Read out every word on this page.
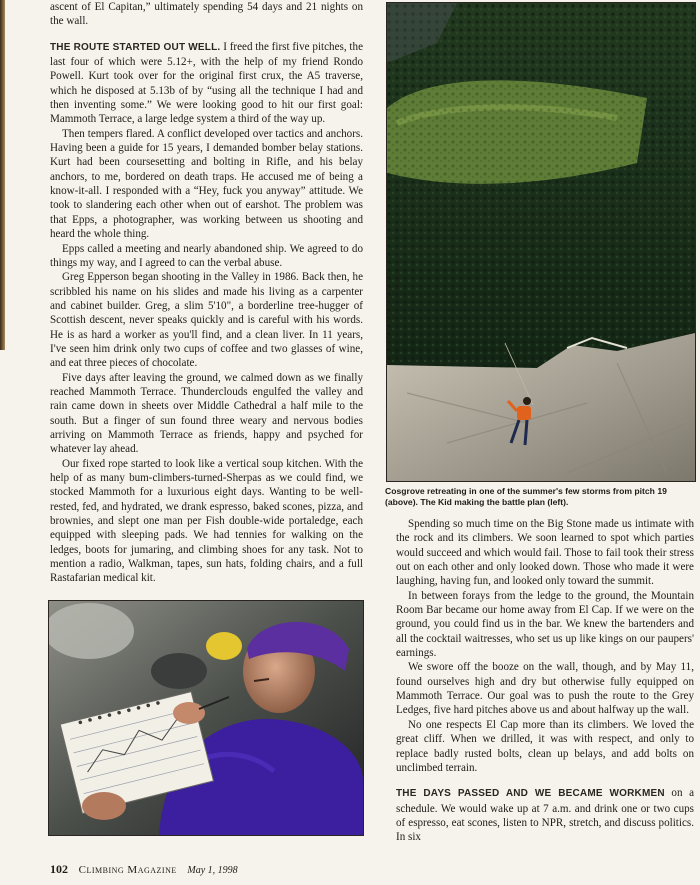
ascent of El Capitan,” ultimately spending 54 days and 21 nights on the wall.

THE ROUTE STARTED OUT WELL. I freed the first five pitches, the last four of which were 5.12+, with the help of my friend Rondo Powell. Kurt took over for the original first crux, the A5 traverse, which he disposed at 5.13b of by “using all the technique I had and then inventing some.” We were looking good to hit our first goal: Mammoth Terrace, a large ledge system a third of the way up.

Then tempers flared. A conflict developed over tactics and anchors. Having been a guide for 15 years, I demanded bomber belay stations. Kurt had been coursesetting and bolting in Rifle, and his belay anchors, to me, bordered on death traps. He accused me of being a know-it-all. I responded with a “Hey, fuck you anyway” attitude. We took to slandering each other when out of earshot. The problem was that Epps, a photographer, was working between us shooting and heard the whole thing.

Epps called a meeting and nearly abandoned ship. We agreed to do things my way, and I agreed to can the verbal abuse.

Greg Epperson began shooting in the Valley in 1986. Back then, he scribbled his name on his slides and made his living as a carpenter and cabinet builder. Greg, a slim 5'10", a borderline tree-hugger of Scottish descent, never speaks quickly and is careful with his words. He is as hard a worker as you'll find, and a clean liver. In 11 years, I've seen him drink only two cups of coffee and two glasses of wine, and eat three pieces of chocolate.

Five days after leaving the ground, we calmed down as we finally reached Mammoth Terrace. Thunderclouds engulfed the valley and rain came down in sheets over Middle Cathedral a half mile to the south. But a finger of sun found three weary and nervous bodies arriving on Mammoth Terrace as friends, happy and psyched for whatever lay ahead.

Our fixed rope started to look like a vertical soup kitchen. With the help of as many bum-climbers-turned-Sherpas as we could find, we stocked Mammoth for a luxurious eight days. Wanting to be well-rested, fed, and hydrated, we drank espresso, baked scones, pizza, and brownies, and slept one man per Fish double-wide portaledge, each equipped with sleeping pads. We had tennies for walking on the ledges, boots for jumaring, and climbing shoes for any task. Not to mention a radio, Walkman, tapes, sun hats, folding chairs, and a full Rastafarian medical kit.

Cosgrove retreating in one of the summer's few storms from pitch 19 (above). The Kid making the battle plan (left).

Spending so much time on the Big Stone made us intimate with the rock and its climbers. We soon learned to spot which parties would succeed and which would fail. Those to fail took their stress out on each other and only looked down. Those who made it were laughing, having fun, and looked only toward the summit.

In between forays from the ledge to the ground, the Mountain Room Bar became our home away from El Cap. If we were on the ground, you could find us in the bar. We knew the bartenders and all the cocktail waitresses, who set us up like kings on our paupers' earnings.

We swore off the booze on the wall, though, and by May 11, found ourselves high and dry but otherwise fully equipped on Mammoth Terrace. Our goal was to push the route to the Grey Ledges, five hard pitches above us and about halfway up the wall.

No one respects El Cap more than its climbers. We loved the great cliff. When we drilled, it was with respect, and only to replace badly rusted bolts, clean up belays, and add bolts on unclimbed terrain.

THE DAYS PASSED AND WE BECAME WORKMEN on a schedule. We would wake up at 7 a.m. and drink one or two cups of espresso, eat scones, listen to NPR, stretch, and discuss politics. In six

102 Climbing Magazine May 1, 1998
